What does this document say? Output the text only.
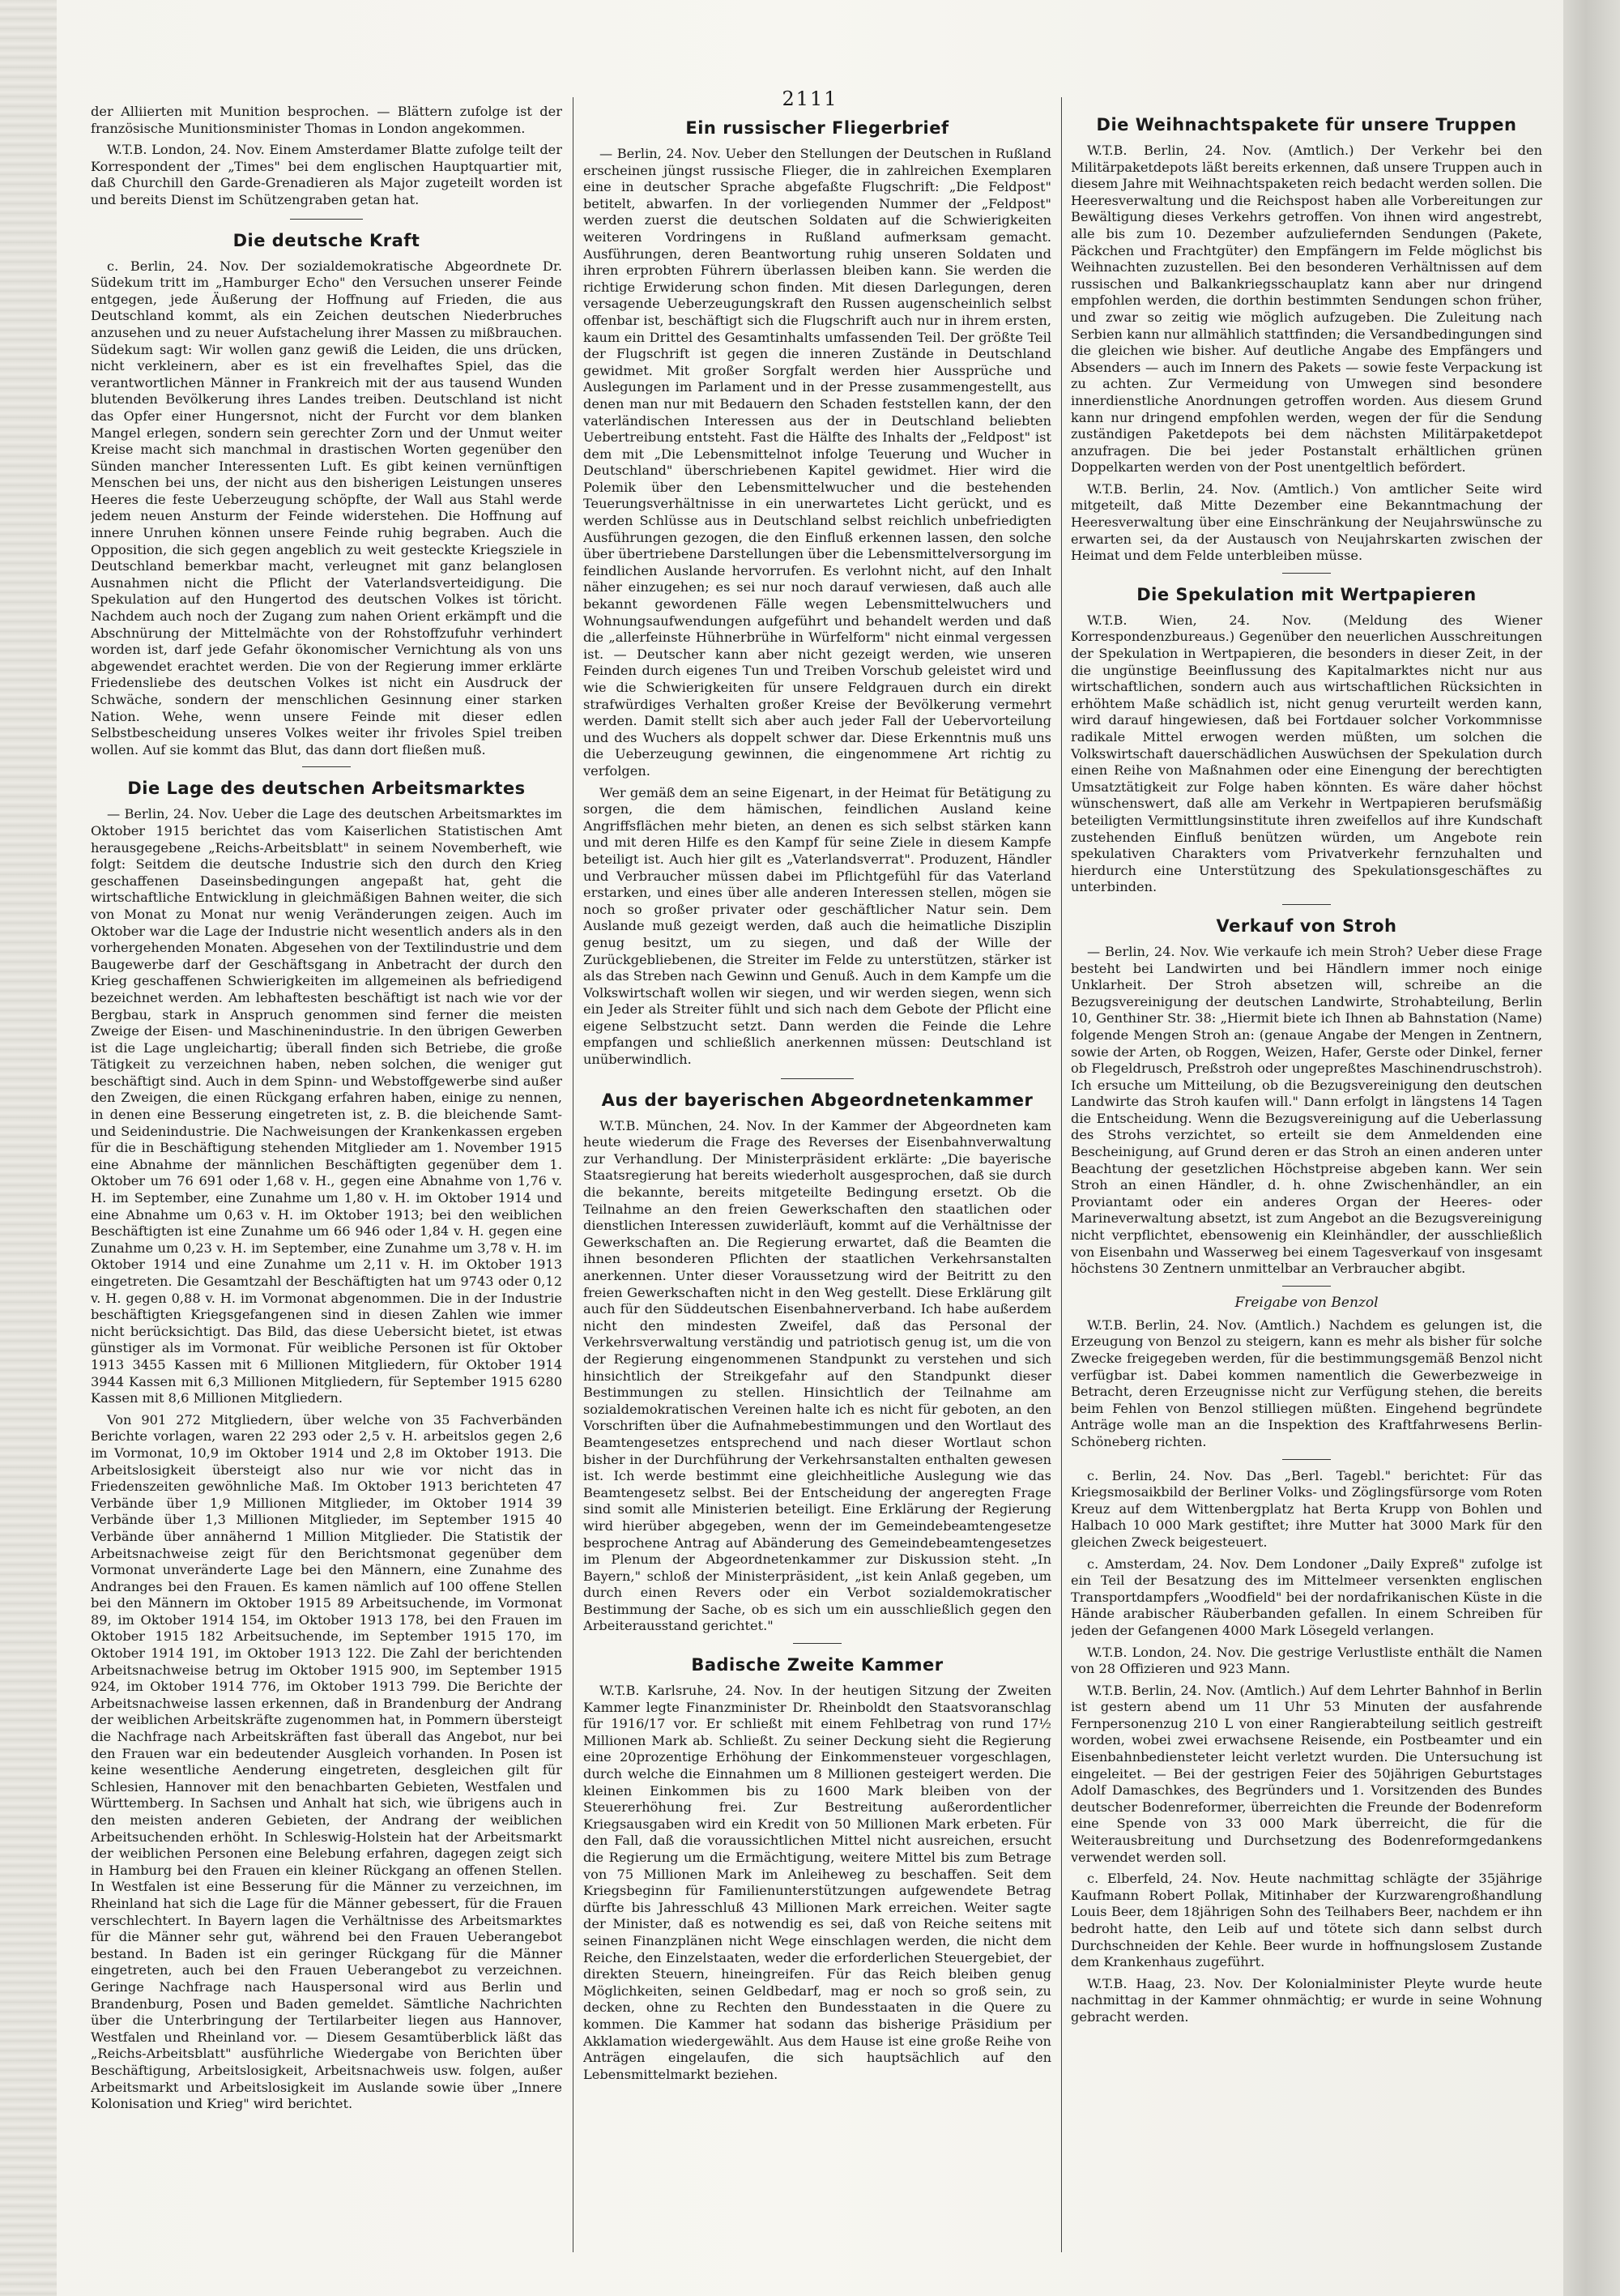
2111

der Alliierten mit Munition besprochen. — Blättern zufolge ist der französische Munitionsminister Thomas in London angekommen.

W.T.B. London, 24. Nov. Einem Amsterdamer Blatte zufolge teilt der Korrespondent der „Times" bei dem englischen Hauptquartier mit, daß Churchill den Garde-Grenadieren als Major zugeteilt worden ist und bereits Dienst im Schützengraben getan hat.

Die deutsche Kraft

c. Berlin, 24. Nov. Der sozialdemokratische Abgeordnete Dr. Südekum tritt im „Hamburger Echo" den Versuchen unserer Feinde entgegen, jede Äußerung der Hoffnung auf Frieden, die aus Deutschland kommt, als ein Zeichen deutschen Niederbruches anzusehen und zu neuer Aufstachelung ihrer Massen zu mißbrauchen. Südekum sagt: Wir wollen ganz gewiß die Leiden, die uns drücken, nicht verkleinern, aber es ist ein frevelhaftes Spiel, das die verantwortlichen Männer in Frankreich mit der aus tausend Wunden blutenden Bevölkerung ihres Landes treiben. Deutschland ist nicht das Opfer einer Hungersnot, nicht der Furcht vor dem blanken Mangel erlegen, sondern sein gerechter Zorn und der Unmut weiter Kreise macht sich manchmal in drastischen Worten gegenüber den Sünden mancher Interessenten Luft. Es gibt keinen vernünftigen Menschen bei uns, der nicht aus den bisherigen Leistungen unseres Heeres die feste Ueberzeugung schöpfte, der Wall aus Stahl werde jedem neuen Ansturm der Feinde widerstehen. Die Hoffnung auf innere Unruhen können unsere Feinde ruhig begraben. Auch die Opposition, die sich gegen angeblich zu weit gesteckte Kriegsziele in Deutschland bemerkbar macht, verleugnet mit ganz belanglosen Ausnahmen nicht die Pflicht der Vaterlandsverteidigung. Die Spekulation auf den Hungertod des deutschen Volkes ist töricht. Nachdem auch noch der Zugang zum nahen Orient erkämpft und die Abschnürung der Mittelmächte von der Rohstoffzufuhr verhindert worden ist, darf jede Gefahr ökonomischer Vernichtung als von uns abgewendet erachtet werden. Die von der Regierung immer erklärte Friedensliebe des deutschen Volkes ist nicht ein Ausdruck der Schwäche, sondern der menschlichen Gesinnung einer starken Nation. Wehe, wenn unsere Feinde mit dieser edlen Selbstbescheidung unseres Volkes weiter ihr frivoles Spiel treiben wollen. Auf sie kommt das Blut, das dann dort fließen muß.

Die Lage des deutschen Arbeitsmarktes

— Berlin, 24. Nov. Ueber die Lage des deutschen Arbeitsmarktes im Oktober 1915 berichtet das vom Kaiserlichen Statistischen Amt herausgegebene „Reichs-Arbeitsblatt" in seinem Novemberheft, wie folgt: Seitdem die deutsche Industrie sich den durch den Krieg geschaffenen Daseinsbedingungen angepaßt hat, geht die wirtschaftliche Entwicklung in gleichmäßigen Bahnen weiter, die sich von Monat zu Monat nur wenig Veränderungen zeigen. Auch im Oktober war die Lage der Industrie nicht wesentlich anders als in den vorhergehenden Monaten. Abgesehen von der Textilindustrie und dem Baugewerbe darf der Geschäftsgang in Anbetracht der durch den Krieg geschaffenen Schwierigkeiten im allgemeinen als befriedigend bezeichnet werden. Am lebhaftesten beschäftigt ist nach wie vor der Bergbau, stark in Anspruch genommen sind ferner die meisten Zweige der Eisen- und Maschinenindustrie. In den übrigen Gewerben ist die Lage ungleichartig; überall finden sich Betriebe, die große Tätigkeit zu verzeichnen haben, neben solchen, die weniger gut beschäftigt sind. Auch in dem Spinn- und Webstoffgewerbe sind außer den Zweigen, die einen Rückgang erfahren haben, einige zu nennen, in denen eine Besserung eingetreten ist, z. B. die bleichende Samt- und Seidenindustrie. Die Nachweisungen der Krankenkassen ergeben für die in Beschäftigung stehenden Mitglieder am 1. November 1915 eine Abnahme der männlichen Beschäftigten gegenüber dem 1. Oktober um 76 691 oder 1,68 v. H., gegen eine Abnahme von 1,76 v. H. im September, eine Zunahme um 1,80 v. H. im Oktober 1914 und eine Abnahme um 0,63 v. H. im Oktober 1913; bei den weiblichen Beschäftigten ist eine Zunahme um 66 946 oder 1,84 v. H. gegen eine Zunahme um 0,23 v. H. im September, eine Zunahme um 3,78 v. H. im Oktober 1914 und eine Zunahme um 2,11 v. H. im Oktober 1913 eingetreten. Die Gesamtzahl der Beschäftigten hat um 9743 oder 0,12 v. H. gegen 0,88 v. H. im Vormonat abgenommen. Die in der Industrie beschäftigten Kriegsgefangenen sind in diesen Zahlen wie immer nicht berücksichtigt. Das Bild, das diese Uebersicht bietet, ist etwas günstiger als im Vormonat. Für weibliche Personen ist für Oktober 1913 3455 Kassen mit 6 Millionen Mitgliedern, für Oktober 1914 3944 Kassen mit 6,3 Millionen Mitgliedern, für September 1915 6280 Kassen mit 8,6 Millionen Mitgliedern.

Von 901 272 Mitgliedern, über welche von 35 Fachverbänden Berichte vorlagen, waren 22 293 oder 2,5 v. H. arbeitslos gegen 2,6 im Vormonat, 10,9 im Oktober 1914 und 2,8 im Oktober 1913. Die Arbeitslosigkeit übersteigt also nur wie vor nicht das in Friedenszeiten gewöhnliche Maß. Im Oktober 1913 berichteten 47 Verbände über 1,9 Millionen Mitglieder, im Oktober 1914 39 Verbände über 1,3 Millionen Mitglieder, im September 1915 40 Verbände über annähernd 1 Million Mitglieder. Die Statistik der Arbeitsnachweise zeigt für den Berichtsmonat gegenüber dem Vormonat unveränderte Lage bei den Männern, eine Zunahme des Andranges bei den Frauen. Es kamen nämlich auf 100 offene Stellen bei den Männern im Oktober 1915 89 Arbeitsuchende, im Vormonat 89, im Oktober 1914 154, im Oktober 1913 178, bei den Frauen im Oktober 1915 182 Arbeitsuchende, im September 1915 170, im Oktober 1914 191, im Oktober 1913 122. Die Zahl der berichtenden Arbeitsnachweise betrug im Oktober 1915 900, im September 1915 924, im Oktober 1914 776, im Oktober 1913 799. Die Berichte der Arbeitsnachweise lassen erkennen, daß in Brandenburg der Andrang der weiblichen Arbeitskräfte zugenommen hat, in Pommern übersteigt die Nachfrage nach Arbeitskräften fast überall das Angebot, nur bei den Frauen war ein bedeutender Ausgleich vorhanden. In Posen ist keine wesentliche Aenderung eingetreten, desgleichen gilt für Schlesien, Hannover mit den benachbarten Gebieten, Westfalen und Württemberg. In Sachsen und Anhalt hat sich, wie übrigens auch in den meisten anderen Gebieten, der Andrang der weiblichen Arbeitsuchenden erhöht. In Schleswig-Holstein hat der Arbeitsmarkt der weiblichen Personen eine Belebung erfahren, dagegen zeigt sich in Hamburg bei den Frauen ein kleiner Rückgang an offenen Stellen. In Westfalen ist eine Besserung für die Männer zu verzeichnen, im Rheinland hat sich die Lage für die Männer gebessert, für die Frauen verschlechtert. In Bayern lagen die Verhältnisse des Arbeitsmarktes für die Männer sehr gut, während bei den Frauen Ueberangebot bestand. In Baden ist ein geringer Rückgang für die Männer eingetreten, auch bei den Frauen Ueberangebot zu verzeichnen. Geringe Nachfrage nach Hauspersonal wird aus Berlin und Brandenburg, Posen und Baden gemeldet. Sämtliche Nachrichten über die Unterbringung der Tertilarbeiter liegen aus Hannover, Westfalen und Rheinland vor. — Diesem Gesamtüberblick läßt das „Reichs-Arbeitsblatt" ausführliche Wiedergabe von Berichten über Beschäftigung, Arbeitslosigkeit, Arbeitsnachweis usw. folgen, außer Arbeitsmarkt und Arbeitslosigkeit im Auslande sowie über „Innere Kolonisation und Krieg" wird berichtet.

Ein russischer Fliegerbrief

— Berlin, 24. Nov. Ueber den Stellungen der Deutschen in Rußland erscheinen jüngst russische Flieger, die in zahlreichen Exemplaren eine in deutscher Sprache abgefaßte Flugschrift: „Die Feldpost" betitelt, abwarfen. In der vorliegenden Nummer der „Feldpost" werden zuerst die deutschen Soldaten auf die Schwierigkeiten weiteren Vordringens in Rußland aufmerksam gemacht. Ausführungen, deren Beantwortung ruhig unseren Soldaten und ihren erprobten Führern überlassen bleiben kann. Sie werden die richtige Erwiderung schon finden. Mit diesen Darlegungen, deren versagende Ueberzeugungskraft den Russen augenscheinlich selbst offenbar ist, beschäftigt sich die Flugschrift auch nur in ihrem ersten, kaum ein Drittel des Gesamtinhalts umfassenden Teil. Der größte Teil der Flugschrift ist gegen die inneren Zustände in Deutschland gewidmet. Mit großer Sorgfalt werden hier Aussprüche und Auslegungen im Parlament und in der Presse zusammengestellt, aus denen man nur mit Bedauern den Schaden feststellen kann, der den vaterländischen Interessen aus der in Deutschland beliebten Uebertreibung entsteht. Fast die Hälfte des Inhalts der „Feldpost" ist dem mit „Die Lebensmittelnot infolge Teuerung und Wucher in Deutschland" überschriebenen Kapitel gewidmet. Hier wird die Polemik über den Lebensmittelwucher und die bestehenden Teuerungsverhältnisse in ein unerwartetes Licht gerückt, und es werden Schlüsse aus in Deutschland selbst reichlich unbefriedigten Ausführungen gezogen, die den Einfluß erkennen lassen, den solche über übertriebene Darstellungen über die Lebensmittelversorgung im feindlichen Auslande hervorrufen. Es verlohnt nicht, auf den Inhalt näher einzugehen; es sei nur noch darauf verwiesen, daß auch alle bekannt gewordenen Fälle wegen Lebensmittelwuchers und Wohnungsaufwendungen aufgeführt und behandelt werden und daß die „allerfeinste Hühnerbrühe in Würfelform" nicht einmal vergessen ist. — Deutscher kann aber nicht gezeigt werden, wie unseren Feinden durch eigenes Tun und Treiben Vorschub geleistet wird und wie die Schwierigkeiten für unsere Feldgrauen durch ein direkt strafwürdiges Verhalten großer Kreise der Bevölkerung vermehrt werden. Damit stellt sich aber auch jeder Fall der Uebervorteilung und des Wuchers als doppelt schwer dar. Diese Erkenntnis muß uns die Ueberzeugung gewinnen, die eingenommene Art richtig zu verfolgen.

Wer gemäß dem an seine Eigenart, in der Heimat für Betätigung zu sorgen, die dem hämischen, feindlichen Ausland keine Angriffsflächen mehr bieten, an denen es sich selbst stärken kann und mit deren Hilfe es den Kampf für seine Ziele in diesem Kampfe beteiligt ist. Auch hier gilt es „Vaterlandsverrat". Produzent, Händler und Verbraucher müssen dabei im Pflichtgefühl für das Vaterland erstarken, und eines über alle anderen Interessen stellen, mögen sie noch so großer privater oder geschäftlicher Natur sein. Dem Auslande muß gezeigt werden, daß auch die heimatliche Disziplin genug besitzt, um zu siegen, und daß der Wille der Zurückgebliebenen, die Streiter im Felde zu unterstützen, stärker ist als das Streben nach Gewinn und Genuß. Auch in dem Kampfe um die Volkswirtschaft wollen wir siegen, und wir werden siegen, wenn sich ein Jeder als Streiter fühlt und sich nach dem Gebote der Pflicht eine eigene Selbstzucht setzt. Dann werden die Feinde die Lehre empfangen und schließlich anerkennen müssen: Deutschland ist unüberwindlich.

Aus der bayerischen Abgeordnetenkammer

W.T.B. München, 24. Nov. In der Kammer der Abgeordneten kam heute wiederum die Frage des Reverses der Eisenbahnverwaltung zur Verhandlung. Der Ministerpräsident erklärte: „Die bayerische Staatsregierung hat bereits wiederholt ausgesprochen, daß sie durch die bekannte, bereits mitgeteilte Bedingung ersetzt. Ob die Teilnahme an den freien Gewerkschaften den staatlichen oder dienstlichen Interessen zuwiderläuft, kommt auf die Verhältnisse der Gewerkschaften an. Die Regierung erwartet, daß die Beamten die ihnen besonderen Pflichten der staatlichen Verkehrsanstalten anerkennen. Unter dieser Voraussetzung wird der Beitritt zu den freien Gewerkschaften nicht in den Weg gestellt. Diese Erklärung gilt auch für den Süddeutschen Eisenbahnerverband. Ich habe außerdem nicht den mindesten Zweifel, daß das Personal der Verkehrsverwaltung verständig und patriotisch genug ist, um die von der Regierung eingenommenen Standpunkt zu verstehen und sich hinsichtlich der Streikgefahr auf den Standpunkt dieser Bestimmungen zu stellen. Hinsichtlich der Teilnahme am sozialdemokratischen Vereinen halte ich es nicht für geboten, an den Vorschriften über die Aufnahmebestimmungen und den Wortlaut des Beamtengesetzes entsprechend und nach dieser Wortlaut schon bisher in der Durchführung der Verkehrsanstalten enthalten gewesen ist. Ich werde bestimmt eine gleichheitliche Auslegung wie das Beamtengesetz selbst. Bei der Entscheidung der angeregten Frage sind somit alle Ministerien beteiligt. Eine Erklärung der Regierung wird hierüber abgegeben, wenn der im Gemeindebeamtengesetze besprochene Antrag auf Abänderung des Gemeindebeamtengesetzes im Plenum der Abgeordnetenkammer zur Diskussion steht. „In Bayern," schloß der Ministerpräsident, „ist kein Anlaß gegeben, um durch einen Revers oder ein Verbot sozialdemokratischer Bestimmung der Sache, ob es sich um ein ausschließlich gegen den Arbeiterausstand gerichtet."

Badische Zweite Kammer

W.T.B. Karlsruhe, 24. Nov. In der heutigen Sitzung der Zweiten Kammer legte Finanzminister Dr. Rheinboldt den Staatsvoranschlag für 1916/17 vor. Er schließt mit einem Fehlbetrag von rund 17½ Millionen Mark ab. Schließt. Zu seiner Deckung sieht die Regierung eine 20prozentige Erhöhung der Einkommensteuer vorgeschlagen, durch welche die Einnahmen um 8 Millionen gesteigert werden. Die kleinen Einkommen bis zu 1600 Mark bleiben von der Steuererhöhung frei. Zur Bestreitung außerordentlicher Kriegsausgaben wird ein Kredit von 50 Millionen Mark erbeten. Für den Fall, daß die voraussichtlichen Mittel nicht ausreichen, ersucht die Regierung um die Ermächtigung, weitere Mittel bis zum Betrage von 75 Millionen Mark im Anleiheweg zu beschaffen. Seit dem Kriegsbeginn für Familienunterstützungen aufgewendete Betrag dürfte bis Jahresschluß 43 Millionen Mark erreichen. Weiter sagte der Minister, daß es notwendig es sei, daß von Reiche seitens mit seinen Finanzplänen nicht Wege einschlagen werden, die nicht dem Reiche, den Einzelstaaten, weder die erforderlichen Steuergebiet, der direkten Steuern, hineingreifen. Für das Reich bleiben genug Möglichkeiten, seinen Geldbedarf, mag er noch so groß sein, zu decken, ohne zu Rechten den Bundesstaaten in die Quere zu kommen. Die Kammer hat sodann das bisherige Präsidium per Akklamation wiedergewählt. Aus dem Hause ist eine große Reihe von Anträgen eingelaufen, die sich hauptsächlich auf den Lebensmittelmarkt beziehen.

Die Weihnachtspakete für unsere Truppen

W.T.B. Berlin, 24. Nov. (Amtlich.) Der Verkehr bei den Militärpaketdepots läßt bereits erkennen, daß unsere Truppen auch in diesem Jahre mit Weihnachtspaketen reich bedacht werden sollen. Die Heeresverwaltung und die Reichspost haben alle Vorbereitungen zur Bewältigung dieses Verkehrs getroffen. Von ihnen wird angestrebt, alle bis zum 10. Dezember aufzuliefernden Sendungen (Pakete, Päckchen und Frachtgüter) den Empfängern im Felde möglichst bis Weihnachten zuzustellen. Bei den besonderen Verhältnissen auf dem russischen und Balkankriegsschauplatz kann aber nur dringend empfohlen werden, die dorthin bestimmten Sendungen schon früher, und zwar so zeitig wie möglich aufzugeben. Die Zuleitung nach Serbien kann nur allmählich stattfinden; die Versandbedingungen sind die gleichen wie bisher. Auf deutliche Angabe des Empfängers und Absenders — auch im Innern des Pakets — sowie feste Verpackung ist zu achten. Zur Vermeidung von Umwegen sind besondere innerdienstliche Anordnungen getroffen worden. Aus diesem Grund kann nur dringend empfohlen werden, wegen der für die Sendung zuständigen Paketdepots bei dem nächsten Militärpaketdepot anzufragen. Die bei jeder Postanstalt erhältlichen grünen Doppelkarten werden von der Post unentgeltlich befördert.

W.T.B. Berlin, 24. Nov. (Amtlich.) Von amtlicher Seite wird mitgeteilt, daß Mitte Dezember eine Bekanntmachung der Heeresverwaltung über eine Einschränkung der Neujahrswünsche zu erwarten sei, da der Austausch von Neujahrskarten zwischen der Heimat und dem Felde unterbleiben müsse.

Die Spekulation mit Wertpapieren

W.T.B. Wien, 24. Nov. (Meldung des Wiener Korrespondenzbureaus.) Gegenüber den neuerlichen Ausschreitungen der Spekulation in Wertpapieren, die besonders in dieser Zeit, in der die ungünstige Beeinflussung des Kapitalmarktes nicht nur aus wirtschaftlichen, sondern auch aus wirtschaftlichen Rücksichten in erhöhtem Maße schädlich ist, nicht genug verurteilt werden kann, wird darauf hingewiesen, daß bei Fortdauer solcher Vorkommnisse radikale Mittel erwogen werden müßten, um solchen die Volkswirtschaft dauerschädlichen Auswüchsen der Spekulation durch einen Reihe von Maßnahmen oder eine Einengung der berechtigten Umsatztätigkeit zur Folge haben könnten. Es wäre daher höchst wünschenswert, daß alle am Verkehr in Wertpapieren berufsmäßig beteiligten Vermittlungsinstitute ihren zweifellos auf ihre Kundschaft zustehenden Einfluß benützen würden, um Angebote rein spekulativen Charakters vom Privatverkehr fernzuhalten und hierdurch eine Unterstützung des Spekulationsgeschäftes zu unterbinden.

Verkauf von Stroh

— Berlin, 24. Nov. Wie verkaufe ich mein Stroh? Ueber diese Frage besteht bei Landwirten und bei Händlern immer noch einige Unklarheit. Der Stroh absetzen will, schreibe an die Bezugsvereinigung der deutschen Landwirte, Strohabteilung, Berlin 10, Genthiner Str. 38: „Hiermit biete ich Ihnen ab Bahnstation (Name) folgende Mengen Stroh an: (genaue Angabe der Mengen in Zentnern, sowie der Arten, ob Roggen, Weizen, Hafer, Gerste oder Dinkel, ferner ob Flegeldrusch, Preßstroh oder ungepreßtes Maschinendruschstroh). Ich ersuche um Mitteilung, ob die Bezugsvereinigung den deutschen Landwirte das Stroh kaufen will." Dann erfolgt in längstens 14 Tagen die Entscheidung. Wenn die Bezugsvereinigung auf die Ueberlassung des Strohs verzichtet, so erteilt sie dem Anmeldenden eine Bescheinigung, auf Grund deren er das Stroh an einen anderen unter Beachtung der gesetzlichen Höchstpreise abgeben kann. Wer sein Stroh an einen Händler, d. h. ohne Zwischenhändler, an ein Proviantamt oder ein anderes Organ der Heeres- oder Marineverwaltung absetzt, ist zum Angebot an die Bezugsvereinigung nicht verpflichtet, ebensowenig ein Kleinhändler, der ausschließlich von Eisenbahn und Wasserweg bei einem Tagesverkauf von insgesamt höchstens 30 Zentnern unmittelbar an Verbraucher abgibt.

Freigabe von Benzol

W.T.B. Berlin, 24. Nov. (Amtlich.) Nachdem es gelungen ist, die Erzeugung von Benzol zu steigern, kann es mehr als bisher für solche Zwecke freigegeben werden, für die bestimmungsgemäß Benzol nicht verfügbar ist. Dabei kommen namentlich die Gewerbezweige in Betracht, deren Erzeugnisse nicht zur Verfügung stehen, die bereits beim Fehlen von Benzol stilliegen müßten. Eingehend begründete Anträge wolle man an die Inspektion des Kraftfahrwesens Berlin-Schöneberg richten.

c. Berlin, 24. Nov. Das „Berl. Tagebl." berichtet: Für das Kriegsmosaikbild der Berliner Volks- und Zöglingsfürsorge vom Roten Kreuz auf dem Wittenbergplatz hat Berta Krupp von Bohlen und Halbach 10 000 Mark gestiftet; ihre Mutter hat 3000 Mark für den gleichen Zweck beigesteuert.

c. Amsterdam, 24. Nov. Dem Londoner „Daily Expreß" zufolge ist ein Teil der Besatzung des im Mittelmeer versenkten englischen Transportdampfers „Woodfield" bei der nordafrikanischen Küste in die Hände arabischer Räuberbanden gefallen. In einem Schreiben für jeden der Gefangenen 4000 Mark Lösegeld verlangen.

W.T.B. London, 24. Nov. Die gestrige Verlustliste enthält die Namen von 28 Offizieren und 923 Mann.

W.T.B. Berlin, 24. Nov. (Amtlich.) Auf dem Lehrter Bahnhof in Berlin ist gestern abend um 11 Uhr 53 Minuten der ausfahrende Fernpersonenzug 210 L von einer Rangierabteilung seitlich gestreift worden, wobei zwei erwachsene Reisende, ein Postbeamter und ein Eisenbahnbediensteter leicht verletzt wurden. Die Untersuchung ist eingeleitet. — Bei der gestrigen Feier des 50jährigen Geburtstages Adolf Damaschkes, des Begründers und 1. Vorsitzenden des Bundes deutscher Bodenreformer, überreichten die Freunde der Bodenreform eine Spende von 33 000 Mark überreicht, die für die Weiterausbreitung und Durchsetzung des Bodenreformgedankens verwendet werden soll.

c. Elberfeld, 24. Nov. Heute nachmittag schlägte der 35jährige Kaufmann Robert Pollak, Mitinhaber der Kurzwarengroßhandlung Louis Beer, dem 18jährigen Sohn des Teilhabers Beer, nachdem er ihn bedroht hatte, den Leib auf und tötete sich dann selbst durch Durchschneiden der Kehle. Beer wurde in hoffnungslosem Zustande dem Krankenhaus zugeführt.

W.T.B. Haag, 23. Nov. Der Kolonialminister Pleyte wurde heute nachmittag in der Kammer ohnmächtig; er wurde in seine Wohnung gebracht werden.
